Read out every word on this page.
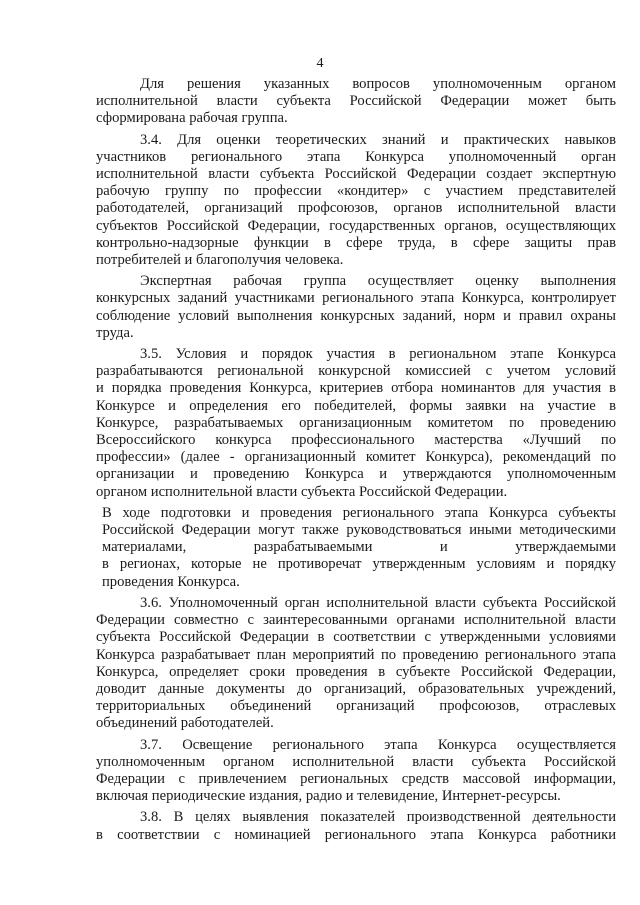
4
Для решения указанных вопросов уполномоченным органом
исполнительной власти субъекта Российской Федерации может быть
сформирована рабочая группа.
3.4. Для оценки теоретических знаний и практических навыков
участников регионального этапа Конкурса уполномоченный орган
исполнительной власти субъекта Российской Федерации создает экспертную
рабочую группу по профессии «кондитер» с участием представителей
работодателей, организаций профсоюзов, органов исполнительной власти
субъектов Российской Федерации, государственных органов, осуществляющих
контрольно-надзорные функции в сфере труда, в сфере защиты прав
потребителей и благополучия человека.
Экспертная рабочая группа осуществляет оценку выполнения
конкурсных заданий участниками регионального этапа Конкурса, контролирует
соблюдение условий выполнения конкурсных заданий, норм и правил охраны
труда.
3.5. Условия и порядок участия в региональном этапе Конкурса
разрабатываются региональной конкурсной комиссией с учетом условий
и порядка проведения Конкурса, критериев отбора номинантов для участия в
Конкурсе и определения его победителей, формы заявки на участие в
Конкурсе, разрабатываемых организационным комитетом по проведению
Всероссийского конкурса профессионального мастерства «Лучший по
профессии» (далее - организационный комитет Конкурса), рекомендаций по
организации и проведению Конкурса и утверждаются уполномоченным
органом исполнительной власти субъекта Российской Федерации.
В ходе подготовки и проведения регионального этапа Конкурса субъекты
Российской Федерации могут также руководствоваться иными методическими
материалами, разрабатываемыми и утверждаемыми
в регионах, которые не противоречат утвержденным условиям и порядку
проведения Конкурса.
3.6. Уполномоченный орган исполнительной власти субъекта Российской
Федерации совместно с заинтересованными органами исполнительной власти
субъекта Российской Федерации в соответствии с утвержденными условиями
Конкурса разрабатывает план мероприятий по проведению регионального этапа
Конкурса, определяет сроки проведения в субъекте Российской Федерации,
доводит данные документы до организаций, образовательных учреждений,
территориальных объединений организаций профсоюзов, отраслевых
объединений работодателей.
3.7. Освещение регионального этапа Конкурса осуществляется
уполномоченным органом исполнительной власти субъекта Российской
Федерации с привлечением региональных средств массовой информации,
включая периодические издания, радио и телевидение, Интернет-ресурсы.
3.8. В целях выявления показателей производственной деятельности
в соответствии с номинацией регионального этапа Конкурса работники
